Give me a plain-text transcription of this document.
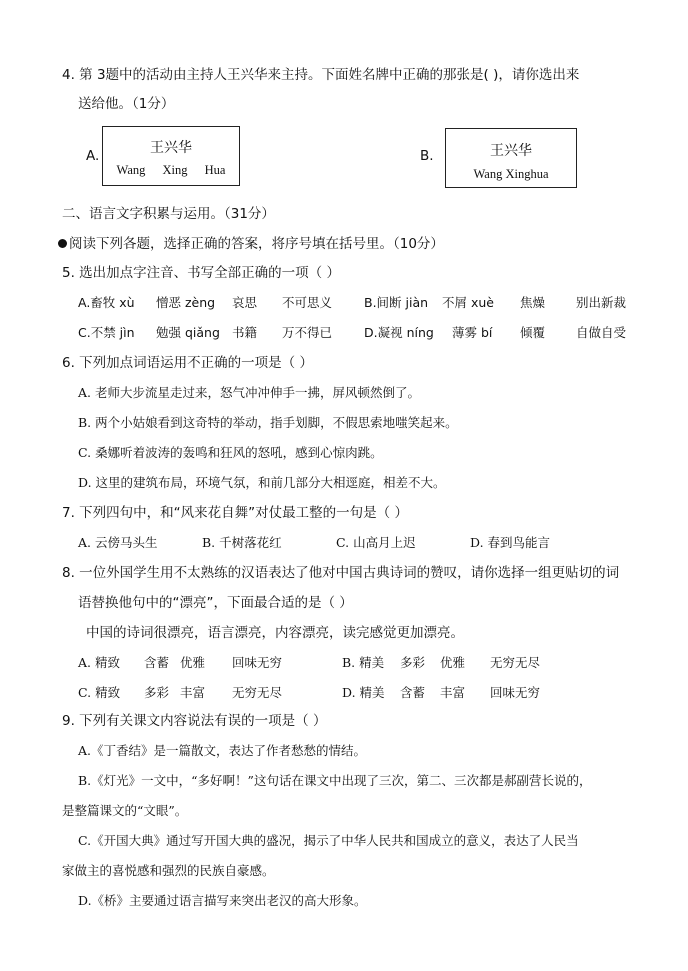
4. 第 3题中的活动由主持人王兴华来主持。下面姓名牌中正确的那张是( )，请你选出来
送给他。（1分）
A.	王兴华
Wang Xing Hua
B.	王兴华
Wang Xinghua
二、语言文字积累与运用。（31分）
阅读下列各题，选择正确的答案，将序号填在括号里。（10分）
5. 选出加点字注音、书写全部正确的一项（ ）
A.畜牧 xù 憎恶 zèng 哀思 不可思义	B.间断 jiàn 不屑 xuè 焦燥 别出新裁
C.不禁 jìn 勉强 qiǎng 书籍 万不得已	D.凝视 níng 薄雾 bí 倾覆 自做自受
6. 下列加点词语运用不正确的一项是（ ）
A. 老师大步流星走过来，怒气冲冲伸手一拂，屏风顿然倒了。
B. 两个小姑娘看到这奇特的举动，指手划脚，不假思索地嗤笑起来。
C. 桑娜听着波涛的轰鸣和狂风的怒吼，感到心惊肉跳。
D. 这里的建筑布局，环境气氛，和前几部分大相逕庭，相差不大。
7. 下列四句中，和“风来花自舞”对仗最工整的一句是（ ）
A. 云傍马头生	B. 千树落花红	C. 山高月上迟	D. 春到鸟能言
8. 一位外国学生用不太熟练的汉语表达了他对中国古典诗词的赞叹，请你选择一组更贴切的词
语替换他句中的“漂亮”，下面最合适的是（ ）
中国的诗词很漂亮，语言漂亮，内容漂亮，读完感觉更加漂亮。
A. 精致 含蓄 优雅 回味无穷	B. 精美 多彩 优雅 无穷无尽
C. 精致 多彩 丰富 无穷无尽	D. 精美 含蓄 丰富 回味无穷
9. 下列有关课文内容说法有误的一项是（ ）
A.《丁香结》是一篇散文，表达了作者愁愁的情结。
B.《灯光》一文中，“多好啊！”这句话在课文中出现了三次，第二、三次都是郝副营长说的，
是整篇课文的“文眼”。
C.《开国大典》通过写开国大典的盛况，揭示了中华人民共和国成立的意义，表达了人民当
家做主的喜悦感和强烈的民族自豪感。
D.《桥》主要通过语言描写来突出老汉的高大形象。
